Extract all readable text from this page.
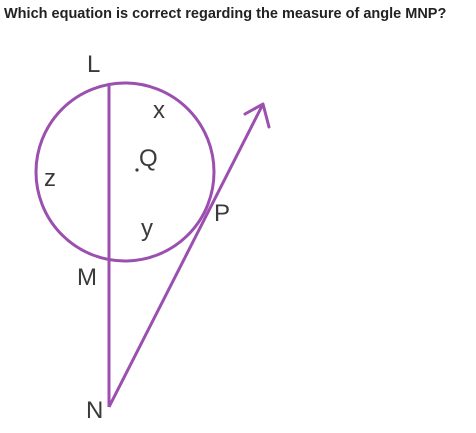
Which equation is correct regarding the measure of angle MNP?
L
x
Q
z
y
P
M
N
